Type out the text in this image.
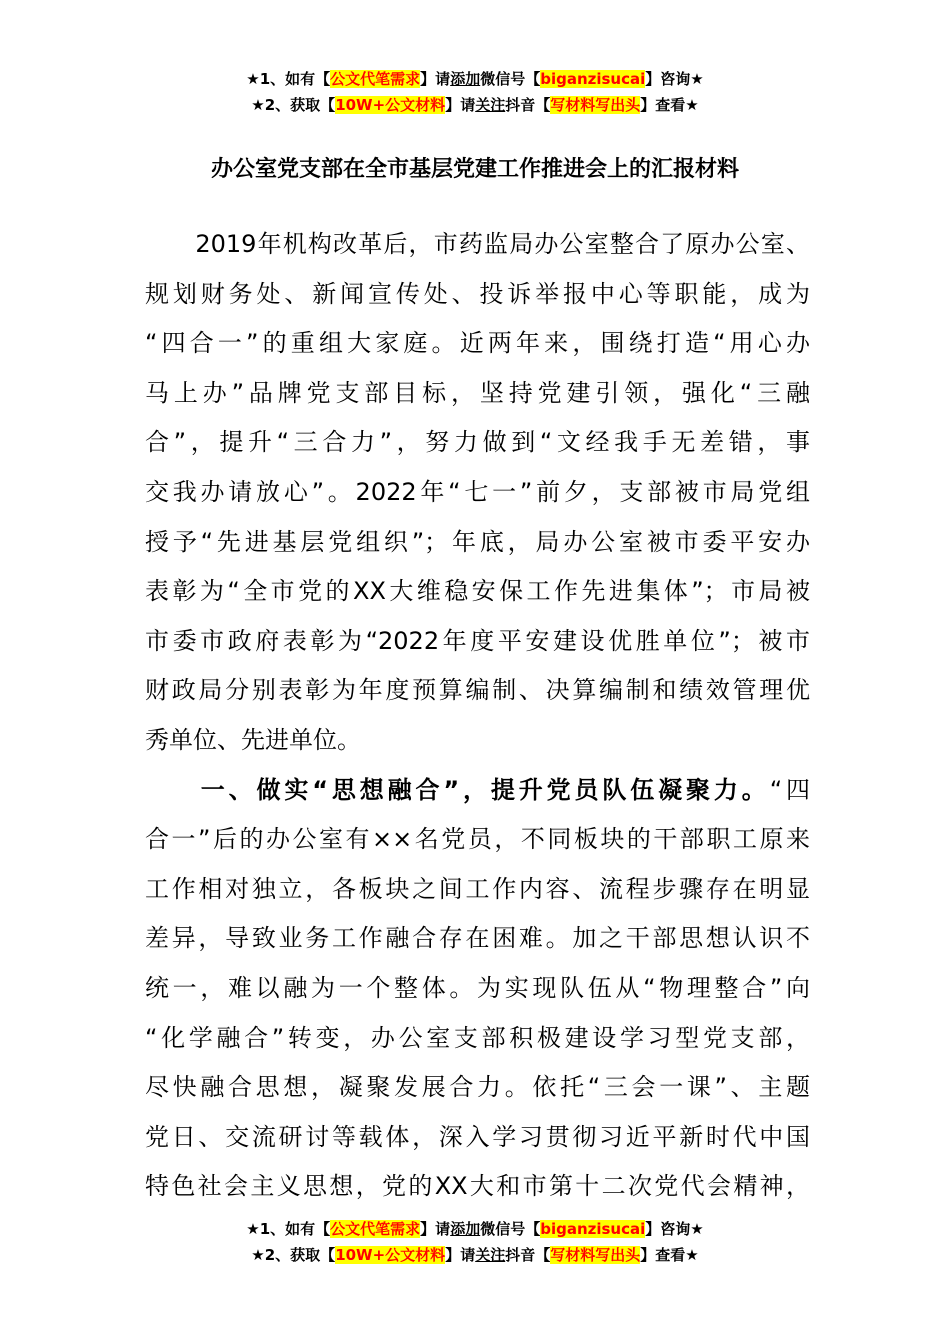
★1、如有【公文代笔需求】请添加微信号【biganzisucai】咨询★
★2、获取【10W+公文材料】请关注抖音【写材料写出头】查看★
办公室党支部在全市基层党建工作推进会上的汇报材料
　　2019年机构改革后，市药监局办公室整合了原办公室、
规划财务处、新闻宣传处、投诉举报中心等职能，成为
“四合一”的重组大家庭。近两年来，围绕打造“用心办
马上办”品牌党支部目标，坚持党建引领，强化“三融
合”，提升“三合力”，努力做到“文经我手无差错，事
交我办请放心”。2022年“七一”前夕，支部被市局党组
授予“先进基层党组织”；年底，局办公室被市委平安办
表彰为“全市党的XX大维稳安保工作先进集体”；市局被
市委市政府表彰为“2022年度平安建设优胜单位”；被市
财政局分别表彰为年度预算编制、决算编制和绩效管理优
秀单位、先进单位。
　　一、做实“思想融合”，提升党员队伍凝聚力。“四
合一”后的办公室有××名党员，不同板块的干部职工原来
工作相对独立，各板块之间工作内容、流程步骤存在明显
差异，导致业务工作融合存在困难。加之干部思想认识不
统一，难以融为一个整体。为实现队伍从“物理整合”向
“化学融合”转变，办公室支部积极建设学习型党支部，
尽快融合思想，凝聚发展合力。依托“三会一课”、主题
党日、交流研讨等载体，深入学习贯彻习近平新时代中国
特色社会主义思想，党的XX大和市第十二次党代会精神，
★1、如有【公文代笔需求】请添加微信号【biganzisucai】咨询★
★2、获取【10W+公文材料】请关注抖音【写材料写出头】查看★
